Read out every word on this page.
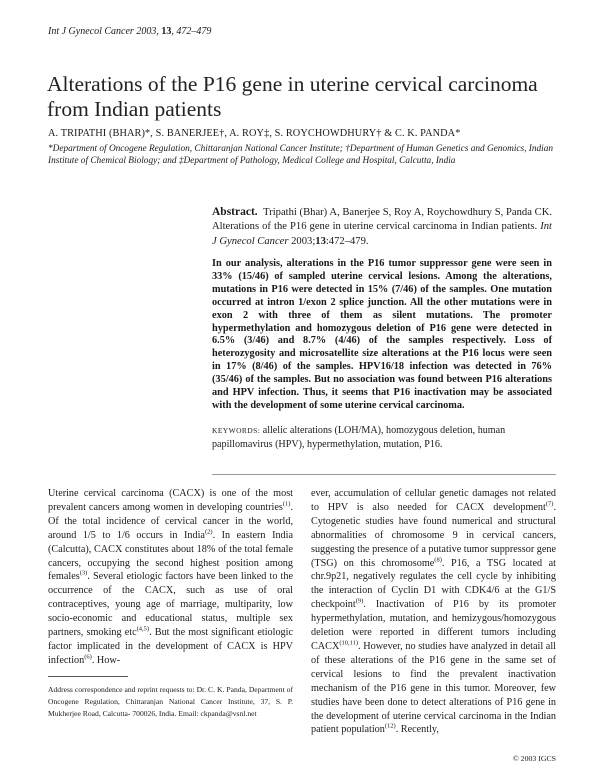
Int J Gynecol Cancer 2003, 13, 472–479
Alterations of the P16 gene in uterine cervical carcinoma from Indian patients
A. TRIPATHI (BHAR)*, S. BANERJEE†, A. ROY‡, S. ROYCHOWDHURY† & C. K. PANDA*
*Department of Oncogene Regulation, Chittaranjan National Cancer Institute; †Department of Human Genetics and Genomics, Indian Institute of Chemical Biology; and ‡Department of Pathology, Medical College and Hospital, Calcutta, India
Abstract. Tripathi (Bhar) A, Banerjee S, Roy A, Roychowdhury S, Panda CK. Alterations of the P16 gene in uterine cervical carcinoma in Indian patients. Int J Gynecol Cancer 2003;13:472–479.
In our analysis, alterations in the P16 tumor suppressor gene were seen in 33% (15/46) of sampled uterine cervical lesions. Among the alterations, mutations in P16 were detected in 15% (7/46) of the samples. One mutation occurred at intron 1/exon 2 splice junction. All the other mutations were in exon 2 with three of them as silent mutations. The promoter hypermethylation and homozygous deletion of P16 gene were detected in 6.5% (3/46) and 8.7% (4/46) of the samples respectively. Loss of heterozygosity and microsatellite size alterations at the P16 locus were seen in 17% (8/46) of the samples. HPV16/18 infection was detected in 76% (35/46) of the samples. But no association was found between P16 alterations and HPV infection. Thus, it seems that P16 inactivation may be associated with the development of some uterine cervical carcinoma.
KEYWORDS: allelic alterations (LOH/MA), homozygous deletion, human papillomavirus (HPV), hypermethylation, mutation, P16.

Uterine cervical carcinoma (CACX) is one of the most prevalent cancers among women in developing countries$^{(1)}$. Of the total incidence of cervical cancer in the world, around 1/5 to 1/6 occurs in India$^{(2)}$. In eastern India (Calcutta), CACX constitutes about 18% of the total female cancers, occupying the second highest position among females$^{(3)}$. Several etiologic factors have been linked to the occurrence of the CACX, such as use of oral contraceptives, young age of marriage, multiparity, low socio-economic and educational status, multiple sex partners, smoking etc$^{(4,5)}$. But the most significant etiologic factor implicated in the development of CACX is HPV infection$^{(6)}$. How-

ever, accumulation of cellular genetic damages not related to HPV is also needed for CACX development$^{(7)}$. Cytogenetic studies have found numerical and structural abnormalities of chromosome 9 in cervical cancers, suggesting the presence of a putative tumor suppressor gene (TSG) on this chromosome$^{(8)}$. P16, a TSG located at chr.9p21, negatively regulates the cell cycle by inhibiting the interaction of Cyclin D1 with CDK4/6 at the G1/S checkpoint$^{(9)}$. Inactivation of P16 by its promoter hypermethylation, mutation, and hemizygous/homozygous deletion were reported in different tumors including CACX$^{(10,11)}$. However, no studies have analyzed in detail all of these alterations of the P16 gene in the same set of cervical lesions to find the prevalent inactivation mechanism of the P16 gene in this tumor. Moreover, few studies have been done to detect alterations of P16 gene in the development of uterine cervical carcinoma in the Indian patient population$^{(12)}$. Recently,

Address correspondence and reprint requests to: Dr. C. K. Panda, Department of Oncogene Regulation, Chittaranjan National Cancer Institute, 37, S. P. Mukherjee Road, Calcutta- 700026, India. Email: ckpanda@vsnl.net
© 2003 IGCS
